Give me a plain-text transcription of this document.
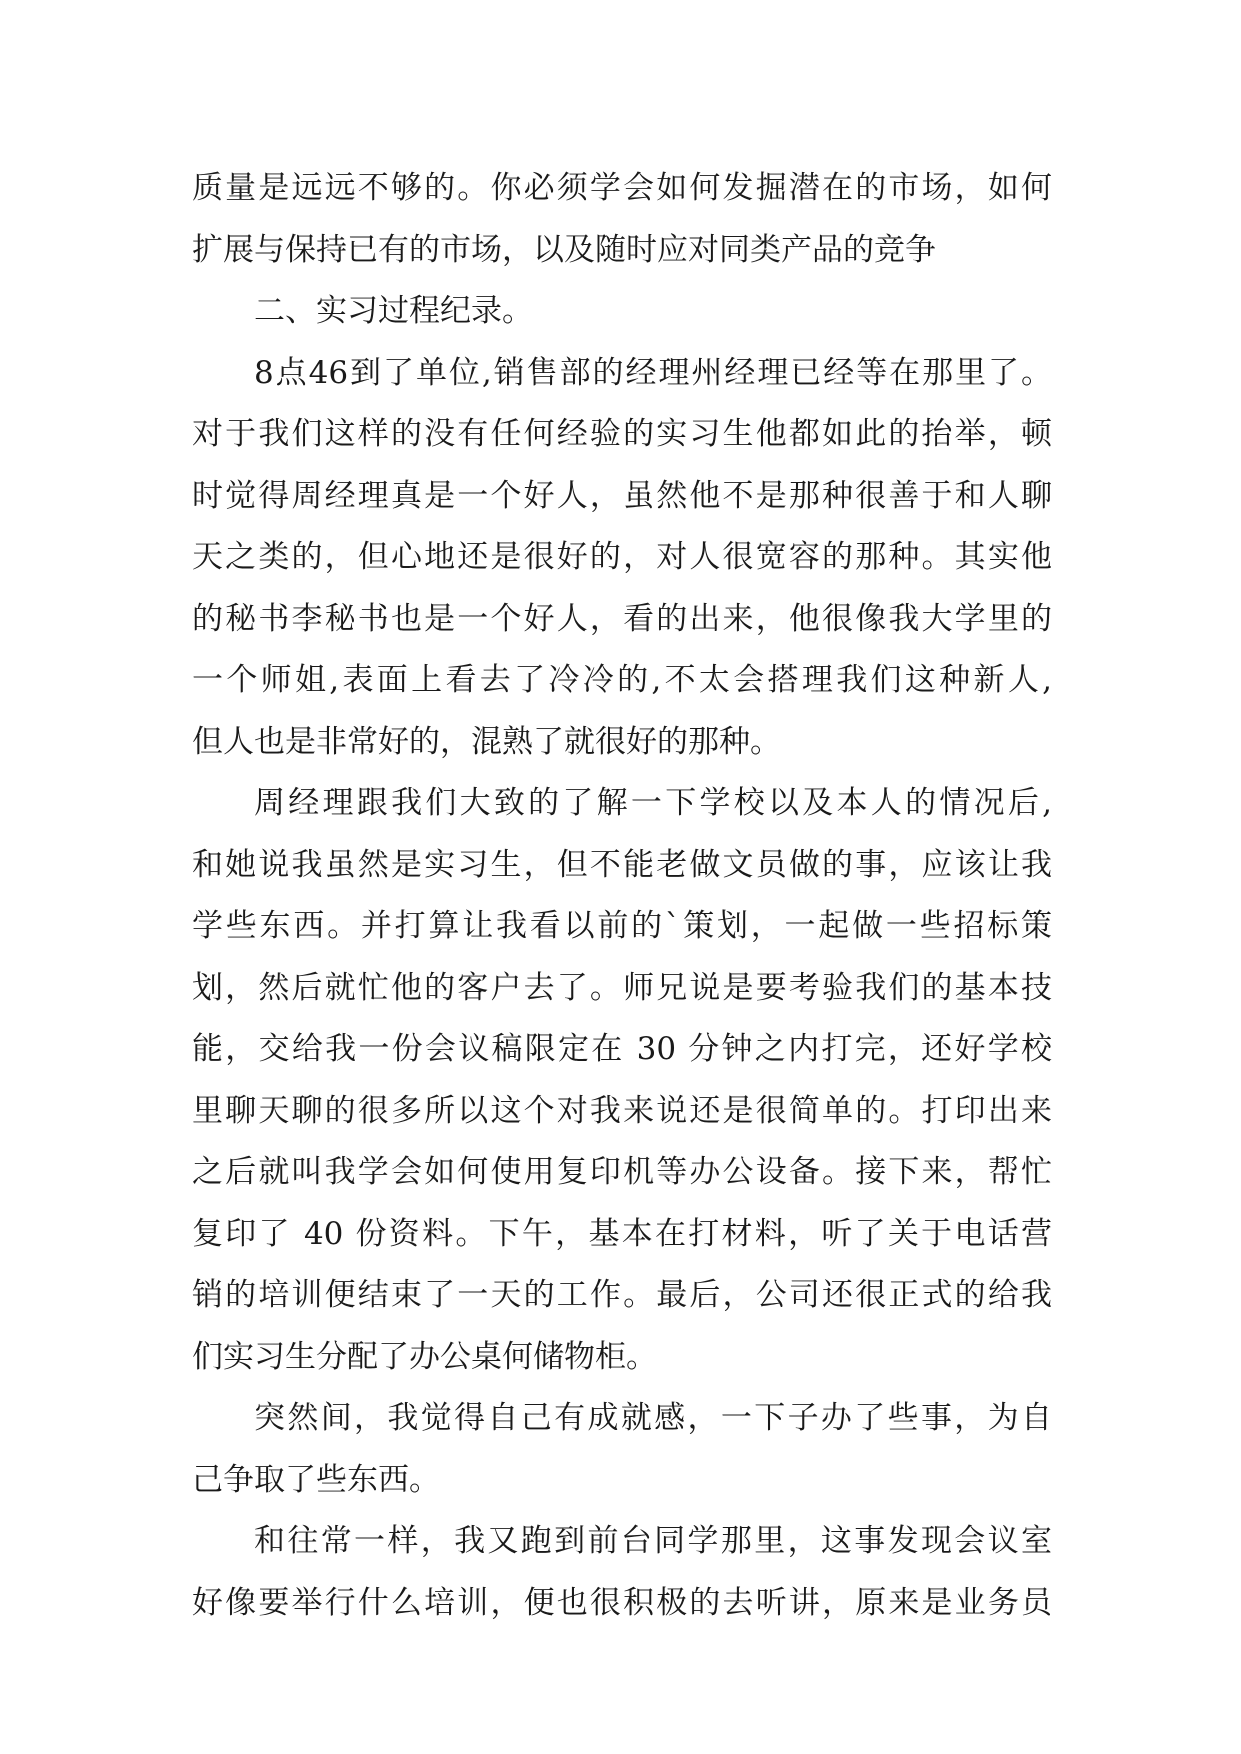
质量是远远不够的。你必须学会如何发掘潜在的市场，如何
扩展与保持已有的市场，以及随时应对同类产品的竞争
二、实习过程纪录。
8点46到了单位,销售部的经理州经理已经等在那里了。
对于我们这样的没有任何经验的实习生他都如此的抬举，顿
时觉得周经理真是一个好人，虽然他不是那种很善于和人聊
天之类的，但心地还是很好的，对人很宽容的那种。其实他
的秘书李秘书也是一个好人，看的出来，他很像我大学里的
一个师姐,表面上看去了冷冷的,不太会搭理我们这种新人,
但人也是非常好的，混熟了就很好的那种。
周经理跟我们大致的了解一下学校以及本人的情况后,
和她说我虽然是实习生，但不能老做文员做的事，应该让我
学些东西。并打算让我看以前的`策划，一起做一些招标策
划，然后就忙他的客户去了。师兄说是要考验我们的基本技
能，交给我一份会议稿限定在 30 分钟之内打完，还好学校
里聊天聊的很多所以这个对我来说还是很简单的。打印出来
之后就叫我学会如何使用复印机等办公设备。接下来，帮忙
复印了 40 份资料。下午，基本在打材料，听了关于电话营
销的培训便结束了一天的工作。最后，公司还很正式的给我
们实习生分配了办公桌何储物柜。
突然间，我觉得自己有成就感，一下子办了些事，为自
己争取了些东西。
和往常一样，我又跑到前台同学那里，这事发现会议室
好像要举行什么培训，便也很积极的去听讲，原来是业务员
